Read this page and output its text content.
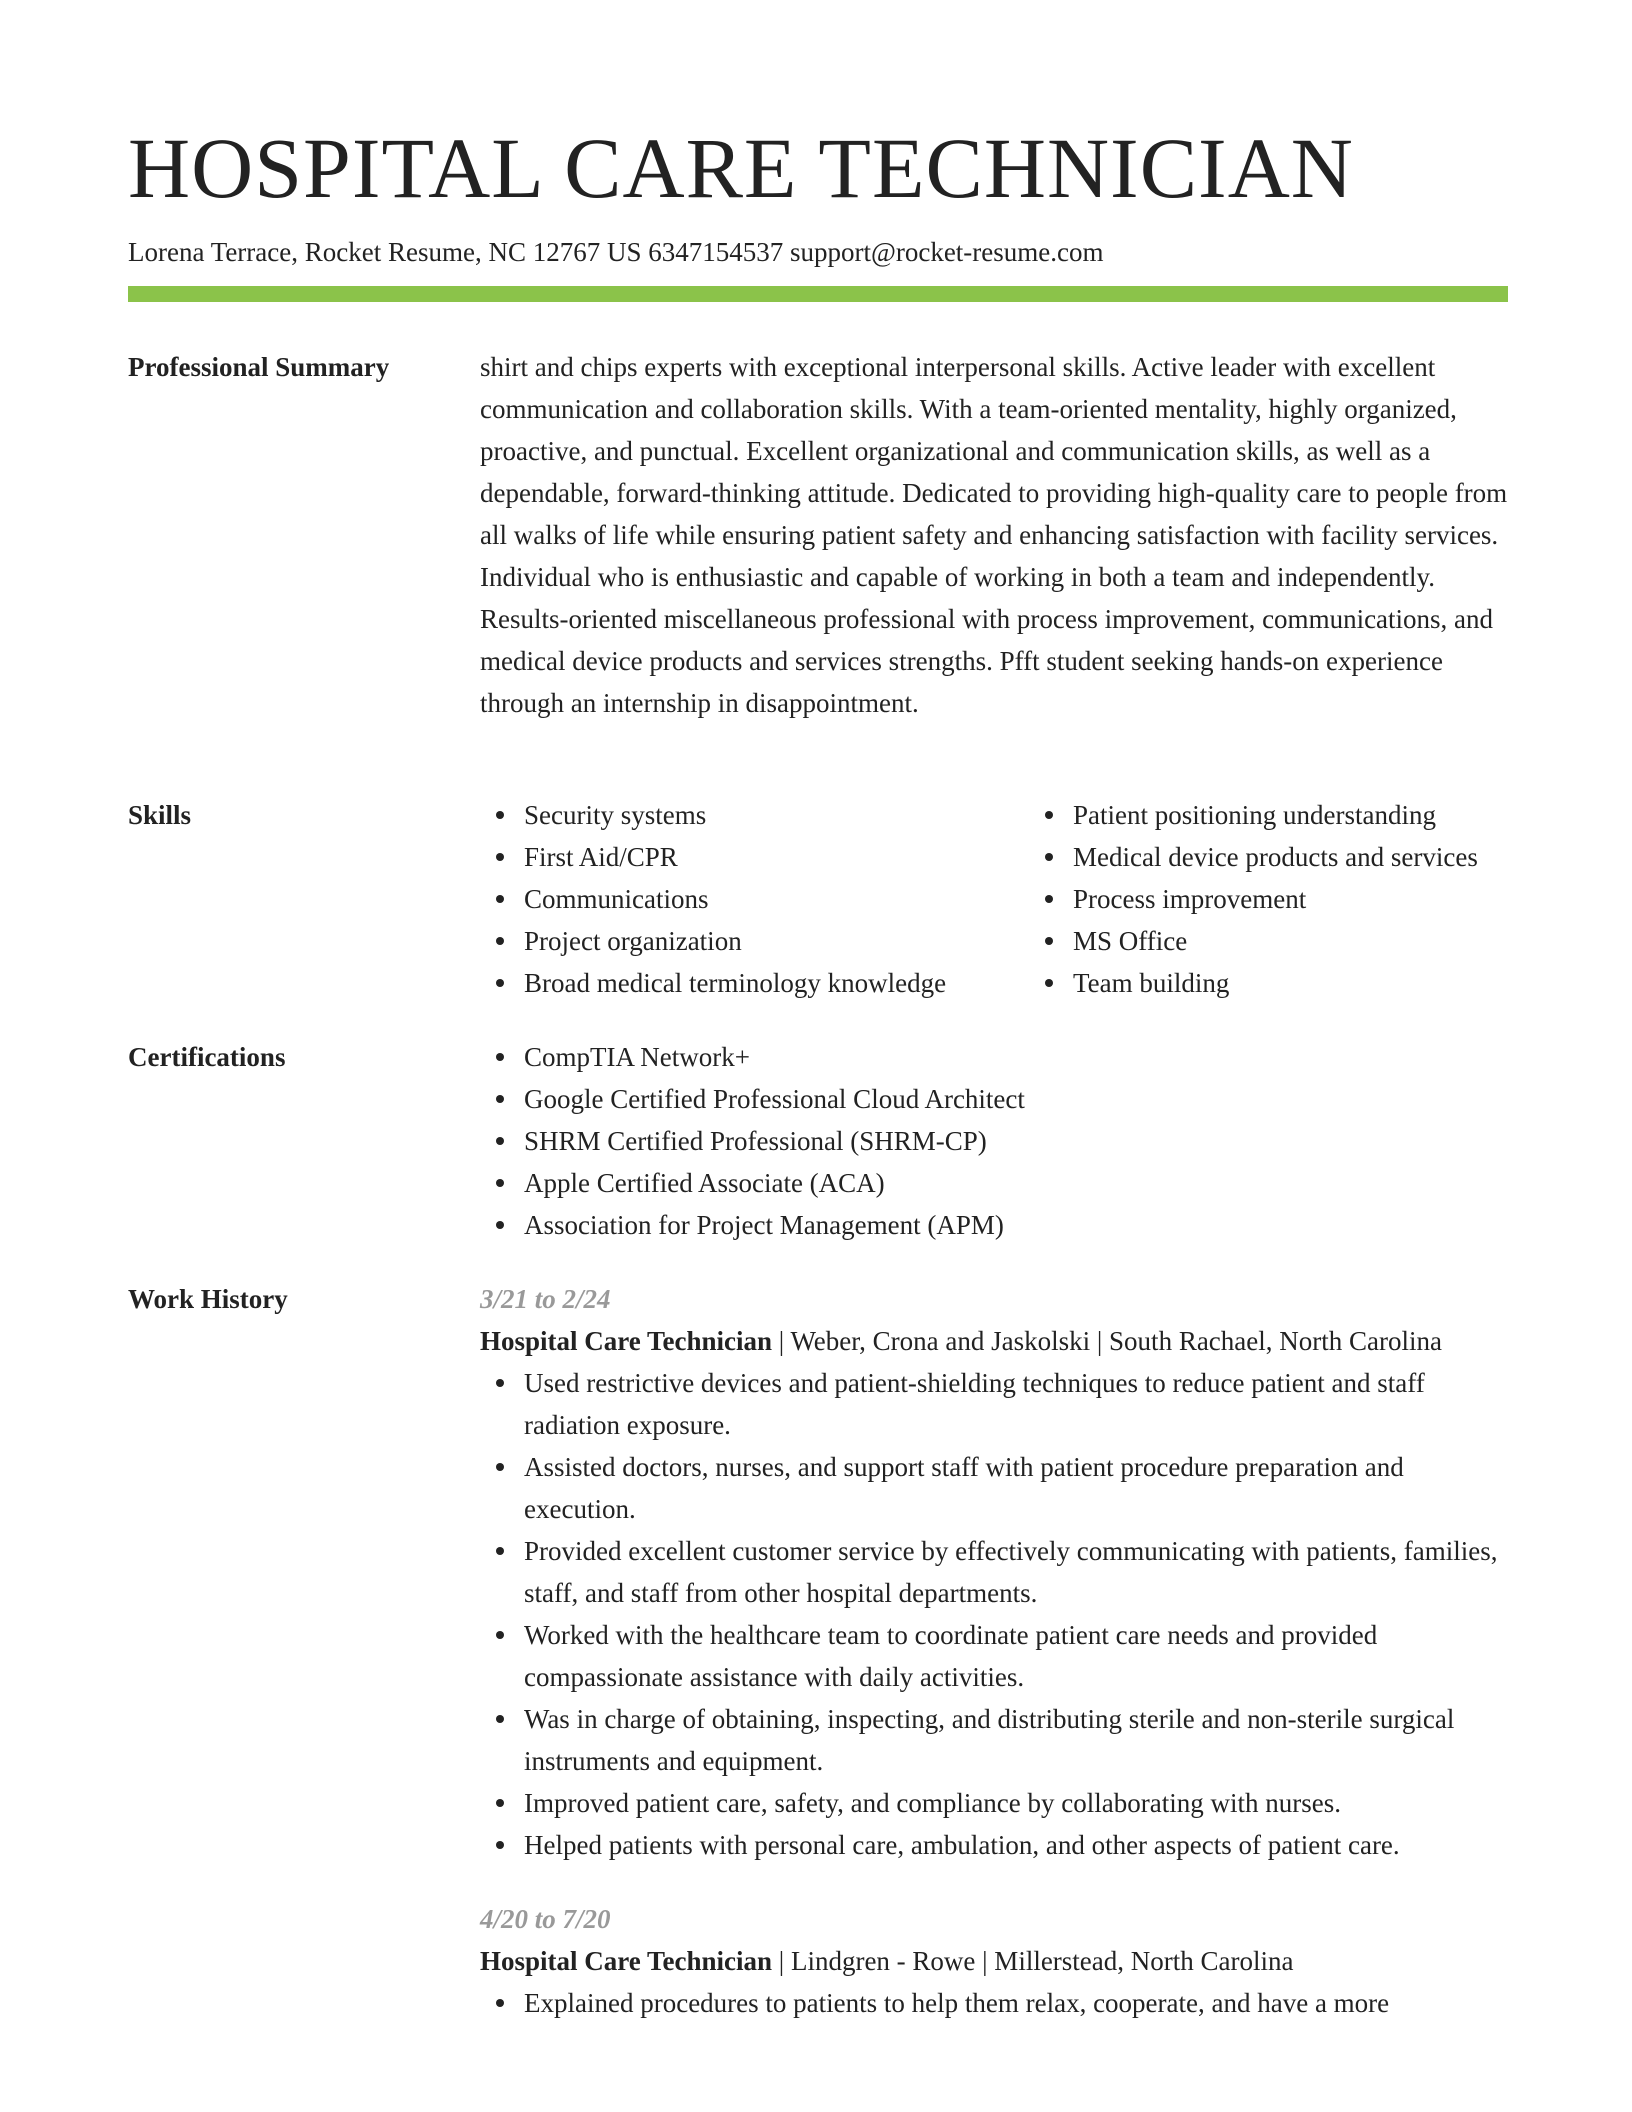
HOSPITAL CARE TECHNICIAN
Lorena Terrace, Rocket Resume, NC 12767 US 6347154537 support@rocket-resume.com
Professional Summary	shirt and chips experts with exceptional interpersonal skills. Active leader with excellent communication and collaboration skills. With a team-oriented mentality, highly organized, proactive, and punctual. Excellent organizational and communication skills, as well as a dependable, forward-thinking attitude. Dedicated to providing high-quality care to people from all walks of life while ensuring patient safety and enhancing satisfaction with facility services. Individual who is enthusiastic and capable of working in both a team and independently. Results-oriented miscellaneous professional with process improvement, communications, and medical device products and services strengths. Pfft student seeking hands-on experience through an internship in disappointment.

Skills	Security systems
First Aid/CPR
Communications
Project organization
Broad medical terminology knowledge
Patient positioning understanding
Medical device products and services
Process improvement
MS Office
Team building
Certifications	CompTIA Network+
Google Certified Professional Cloud Architect
SHRM Certified Professional (SHRM-CP)
Apple Certified Associate (ACA)
Association for Project Management (APM)
Work History	3/21 to 2/24
Hospital Care Technician | Weber, Crona and Jaskolski | South Rachael, North Carolina
Used restrictive devices and patient-shielding techniques to reduce patient and staff radiation exposure.
Assisted doctors, nurses, and support staff with patient procedure preparation and execution.
Provided excellent customer service by effectively communicating with patients, families, staff, and staff from other hospital departments.
Worked with the healthcare team to coordinate patient care needs and provided compassionate assistance with daily activities.
Was in charge of obtaining, inspecting, and distributing sterile and non-sterile surgical instruments and equipment.
Improved patient care, safety, and compliance by collaborating with nurses.
Helped patients with personal care, ambulation, and other aspects of patient care.
4/20 to 7/20
Hospital Care Technician | Lindgren - Rowe | Millerstead, North Carolina
Explained procedures to patients to help them relax, cooperate, and have a more
